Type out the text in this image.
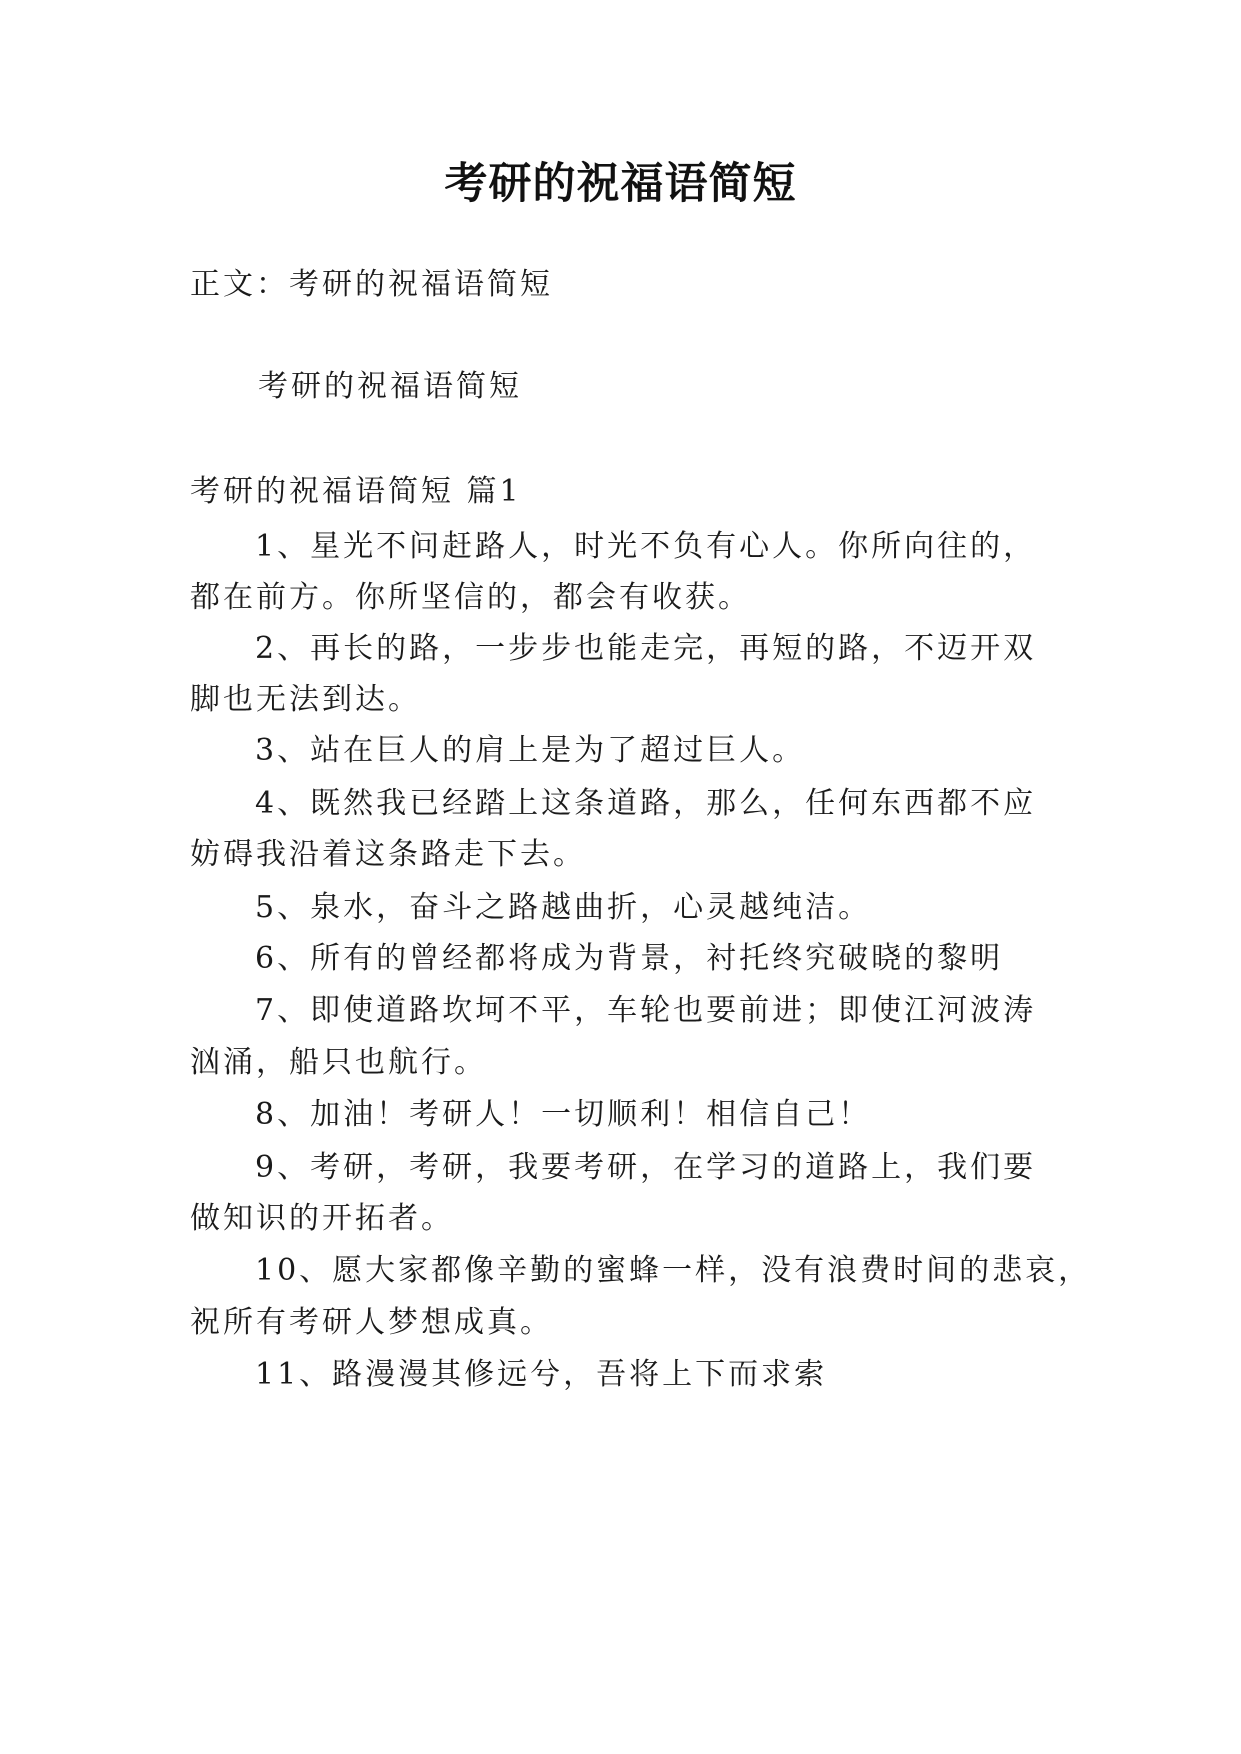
考研的祝福语简短
正文：考研的祝福语简短
考研的祝福语简短
考研的祝福语简短 篇1
1、星光不问赶路人，时光不负有心人。你所向往的，
都在前方。你所坚信的，都会有收获。
2、再长的路，一步步也能走完，再短的路，不迈开双
脚也无法到达。
3、站在巨人的肩上是为了超过巨人。
4、既然我已经踏上这条道路，那么，任何东西都不应
妨碍我沿着这条路走下去。
5、泉水，奋斗之路越曲折，心灵越纯洁。
6、所有的曾经都将成为背景，衬托终究破晓的黎明
7、即使道路坎坷不平，车轮也要前进；即使江河波涛
汹涌，船只也航行。
8、加油！考研人！一切顺利！相信自己！
9、考研，考研，我要考研，在学习的道路上，我们要
做知识的开拓者。
10、愿大家都像辛勤的蜜蜂一样，没有浪费时间的悲哀，
祝所有考研人梦想成真。
11、路漫漫其修远兮，吾将上下而求索
